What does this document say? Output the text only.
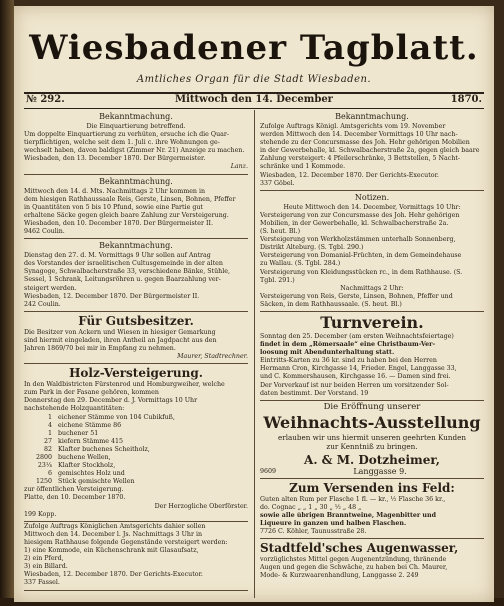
Wiesbadener Tagblatt.
Amtliches Organ für die Stadt Wiesbaden.
№ 292.	Mittwoch den 14. December	1870.
Bekanntmachung.
Die Einquartierung betreffend.
Um doppelte Einquartierung zu verhüten, ersuche ich die Quar-
tierpflichtigen, welche seit dem 1. Juli c. ihre Wohnungen ge-
wechselt haben, davon baldigst (Zimmer Nr. 21) Anzeige zu machen.
Wiesbaden, den 13. December 1870. Der Bürgermeister.
Lanz.
Bekanntmachung.
Mittwoch den 14. d. Mts. Nachmittags 2 Uhr kommen in
dem hiesigen Rathhaussaale Reis, Gerste, Linsen, Bohnen, Pfeffer
in Quantitäten von 5 bis 10 Pfund, sowie eine Partie gut
erhaltene Säcke gegen gleich baare Zahlung zur Versteigerung.
Wiesbaden, den 10. December 1870. Der Bürgermeister II.
9462 Coulin.
Bekanntmachung.
Dienstag den 27. d. M. Vormittags 9 Uhr sollen auf Antrag
des Vorstandes der israelitischen Cultusgemeinde in der alten
Synagoge, Schwalbacherstraße 33, verschiedene Bänke, Stühle,
Sessel, 1 Schrank, Leitungsröhren u. gegen Baarzahlung ver-
steigert werden.
Wiesbaden, 12. December 1870. Der Bürgermeister II.
242 Coulin.
Für Gutsbesitzer.
Die Besitzer von Äckern und Wiesen in hiesiger Gemarkung
sind hiermit eingeladen, ihren Antheil an Jagdpacht aus den
Jahren 1869/70 bei mir in Empfang zu nehmen.
Maurer, Stadtrechner.
Holz-Versteigerung.
In den Waldbistricten Fürstenrod und Homburgweiher, welche
zum Park in der Fasane gehören, kommen
Donnerstag den 29. December d. J. Vormittags 10 Uhr
nachstehende Holzquantitäten:
1 eichener Stämme von 104 Cubikfuß,
4 eichene Stämme 86
1 buchener 51
27 kiefern Stämme 415
82 Klafter buchenes Scheitholz,
2800 buchene Wellen,
23¼ Klafter Stockholz,
6 gemischtes Holz und
1250 Stück gemischte Wellen
zur öffentlichen Versteigerung.
Platte, den 10. December 1870.
Der Herzogliche Oberförster.
199 Kopp.
Zufolge Auftrags Königlichen Amtsgerichts dahier sollen
Mittwoch den 14. December l. Js. Nachmittags 3 Uhr in
hiesigem Rathhause folgende Gegenstände versteigert werden:
1) eine Kommode, ein Küchenschrank mit Glasaufsatz,
2) ein Pferd,
3) ein Billard.
Wiesbaden, 12. December 1870. Der Gerichts-Executor.
337 Fassel.
Bekanntmachung.
Zufolge Auftrags Königl. Amtsgerichts vom 19. November
werden Mittwoch den 14. December Vormittags 10 Uhr nach-
stehende zu der Concursmasse des Joh. Hehr gehörigen Mobilien
in der Gewerbehalle, kl. Schwalbacherstraße 2a, gegen gleich baare
Zahlung versteigert: 4 Pfeilerschränke, 3 Bettstellen, 5 Nacht-
schränke und 1 Kommode.
Wiesbaden, 12. December 1870. Der Gerichts-Executor.
337 Göbel.
Notizen.
Heute Mittwoch den 14. December, Vormittags 10 Uhr:
Versteigerung von zur Concursmasse des Joh. Hehr gehörigen
Mobilien, in der Gewerbehalle, kl. Schwalbacherstraße 2a.
(S. heut. Bl.)
Versteigerung von Werkholzstämmen unterhalb Sonnenberg,
Distrikt Alteburg. (S. Tgbl. 290.)
Versteigerung von Domanial-Früchten, in dem Gemeindehause
zu Wallau. (S. Tgbl. 284.)
Versteigerung von Kleidungsstücken rc., in dem Rathhause. (S.
Tgbl. 291.)
Nachmittags 2 Uhr:
Versteigerung von Reis, Gerste, Linsen, Bohnen, Pfeffer und
Säcken, in dem Rathhaussaale. (S. heut. Bl.)
Turnverein.
Sonntag den 25. December (am ersten Weihnachtsfeiertage)
findet in dem „Römersaale“ eine Christbaum-Ver-
loosung mit Abendunterhaltung statt.
Eintritts-Karten zu 36 kr. sind zu haben bei den Herren
Hermann Cron, Kirchgasse 14, Frieder. Engel, Langgasse 33,
und C. Kommershausen, Kirchgasse 16. — Damen sind frei.
Der Vorverkauf ist nur beiden Herren um vorsitzender Sol-
daten bestimmt. Der Vorstand. 19
Die Eröffnung unserer
Weihnachts-Ausstellung
erlauben wir uns hiermit unseren geehrten Kunden
zur Kenntniß zu bringen.
A. & M. Dotzheimer,
9609	Langgasse 9.
Zum Versenden ins Feld:
Guten alten Rum per Flasche 1 fl. — kr., ½ Flasche 36 kr.,
do. Cognac „ „ 1 „ 30 „ ½ „ 48 „
sowie alle übrigen Branntweine, Magenbitter und
Liqueure in ganzen und halben Flaschen.
7726 C. Köhler, Taunusstraße 28.
Stadtfeld'sches Augenwasser,
vorzüglichstes Mittel gegen Augenentzündung, thränende
Augen und gegen die Schwäche, zu haben bei Ch. Maurer,
Mode- & Kurzwaarenhandlung, Langgasse 2. 249
